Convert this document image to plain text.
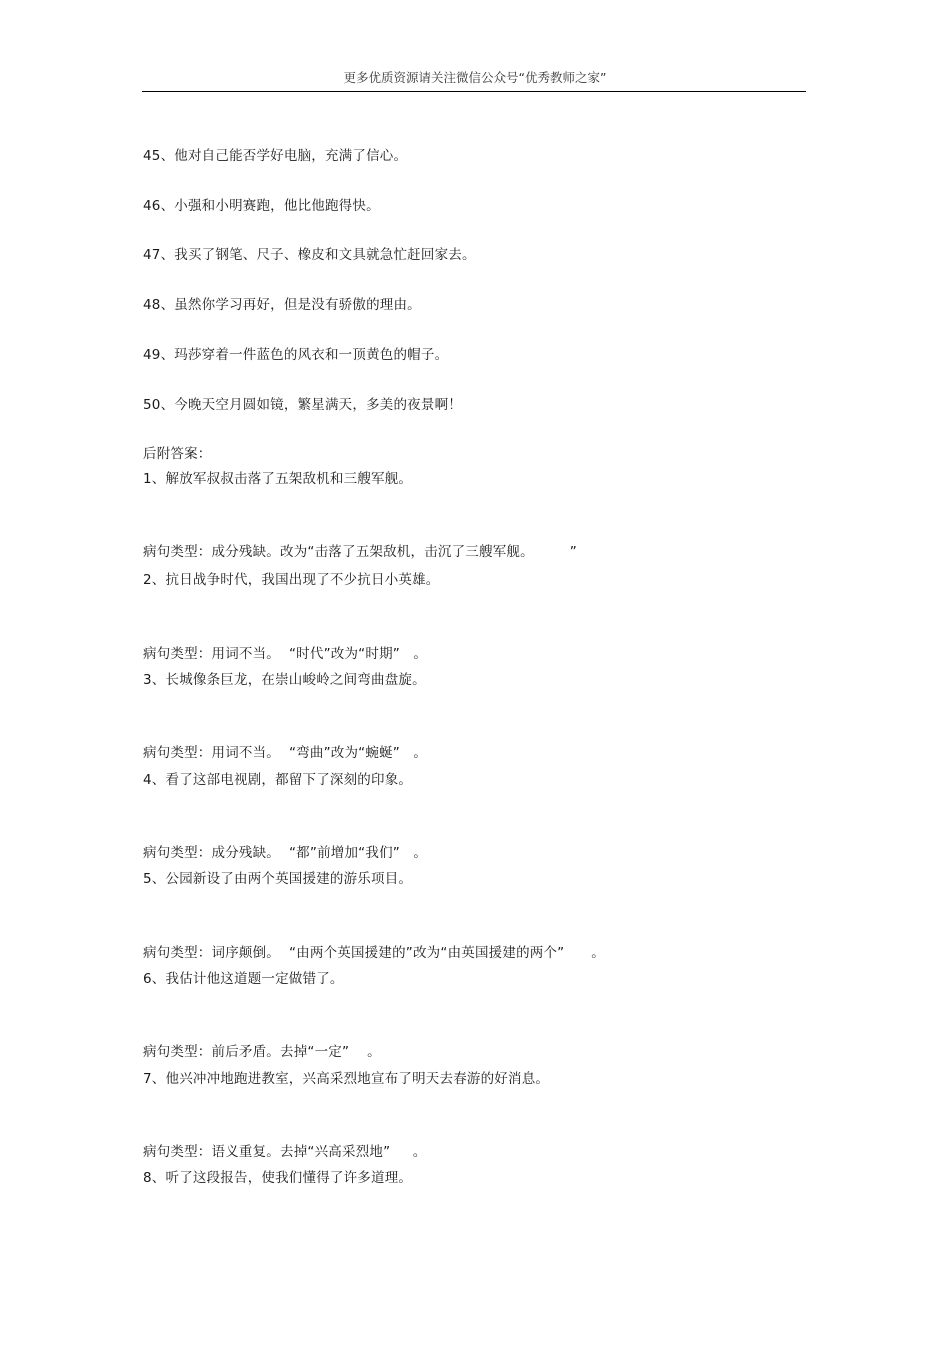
更多优质资源请关注微信公众号“优秀教师之家”
45、他对自己能否学好电脑，充满了信心。
46、小强和小明赛跑，他比他跑得快。
47、我买了钢笔、尺子、橡皮和文具就急忙赶回家去。
48、虽然你学习再好，但是没有骄傲的理由。
49、玛莎穿着一件蓝色的风衣和一顶黄色的帽子。
50、今晚天空月圆如镜，繁星满天，多美的夜景啊！
后附答案：
1、解放军叔叔击落了五架敌机和三艘军舰。
病句类型：成分残缺。改为“击落了五架敌机，击沉了三艘军舰。        ”
2、抗日战争时代，我国出现了不少抗日小英雄。
病句类型：用词不当。  “时代”改为“时期”   。
3、长城像条巨龙，在崇山峻岭之间弯曲盘旋。
病句类型：用词不当。  “弯曲”改为“蜿蜒”   。
4、看了这部电视剧，都留下了深刻的印象。
病句类型：成分残缺。  “都”前增加“我们”   。
5、公园新设了由两个英国援建的游乐项目。
病句类型：词序颠倒。  “由两个英国援建的”改为“由英国援建的两个”      。
6、我估计他这道题一定做错了。
病句类型：前后矛盾。去掉“一定”    。
7、他兴冲冲地跑进教室，兴高采烈地宣布了明天去春游的好消息。
病句类型：语义重复。去掉“兴高采烈地”     。
8、听了这段报告，使我们懂得了许多道理。
